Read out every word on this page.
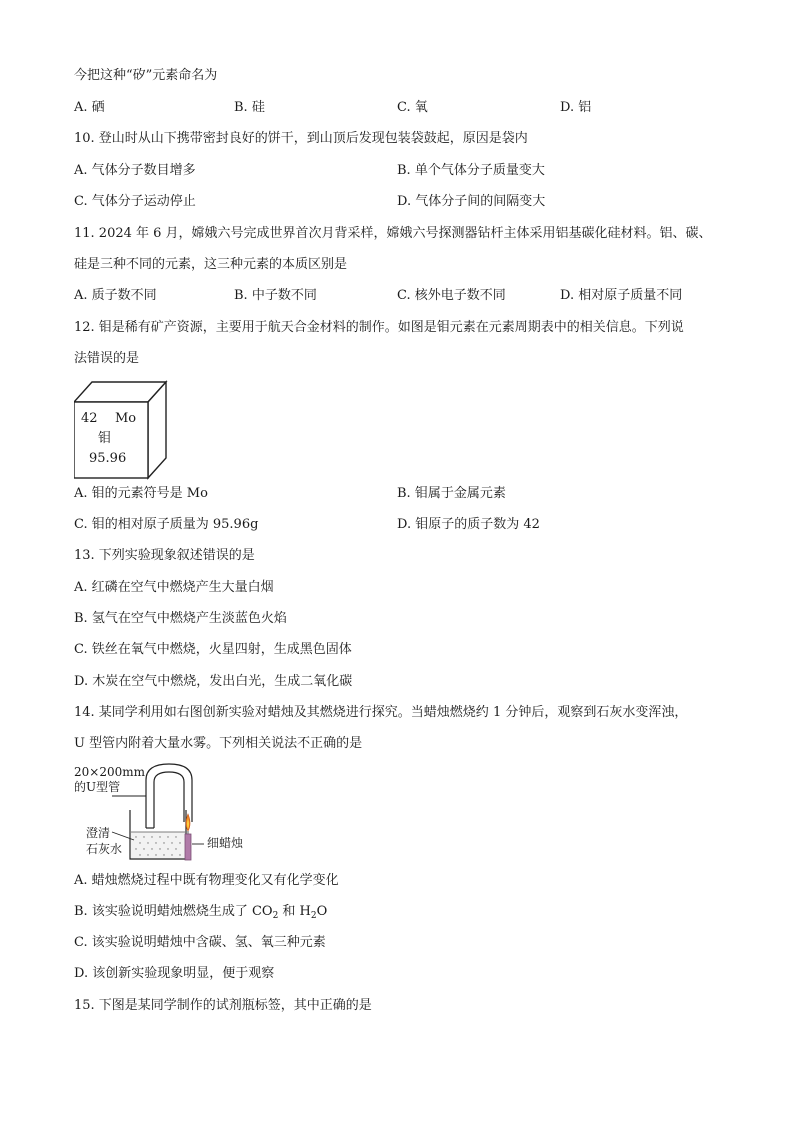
今把这种“矽”元素命名为
A. 硒	B. 硅	C. 氧	D. 铝
10. 登山时从山下携带密封良好的饼干，到山顶后发现包装袋鼓起，原因是袋内
A. 气体分子数目增多	B. 单个气体分子质量变大
C. 气体分子运动停止	D. 气体分子间的间隔变大
11. 2024 年 6 月，嫦娥六号完成世界首次月背采样，嫦娥六号探测器钻杆主体采用铝基碳化硅材料。铝、碳、
硅是三种不同的元素，这三种元素的本质区别是
A. 质子数不同	B. 中子数不同	C. 核外电子数不同	D. 相对原子质量不同
12. 钼是稀有矿产资源，主要用于航天合金材料的制作。如图是钼元素在元素周期表中的相关信息。下列说
法错误的是
42 Mo
钼
95.96
A. 钼的元素符号是 Mo	B. 钼属于金属元素
C. 钼的相对原子质量为 95.96g	D. 钼原子的质子数为 42
13. 下列实验现象叙述错误的是
A. 红磷在空气中燃烧产生大量白烟
B. 氢气在空气中燃烧产生淡蓝色火焰
C. 铁丝在氧气中燃烧，火星四射，生成黑色固体
D. 木炭在空气中燃烧，发出白光，生成二氧化碳
14. 某同学利用如右图创新实验对蜡烛及其燃烧进行探究。当蜡烛燃烧约 1 分钟后，观察到石灰水变浑浊，
U 型管内附着大量水雾。下列相关说法不正确的是
20×200mm
的U型管
澄清
石灰水	细蜡烛
A. 蜡烛燃烧过程中既有物理变化又有化学变化
B. 该实验说明蜡烛燃烧生成了 $CO_2$ 和 $H_2O$
C. 该实验说明蜡烛中含碳、氢、氧三种元素
D. 该创新实验现象明显，便于观察
15. 下图是某同学制作的试剂瓶标签，其中正确的是
